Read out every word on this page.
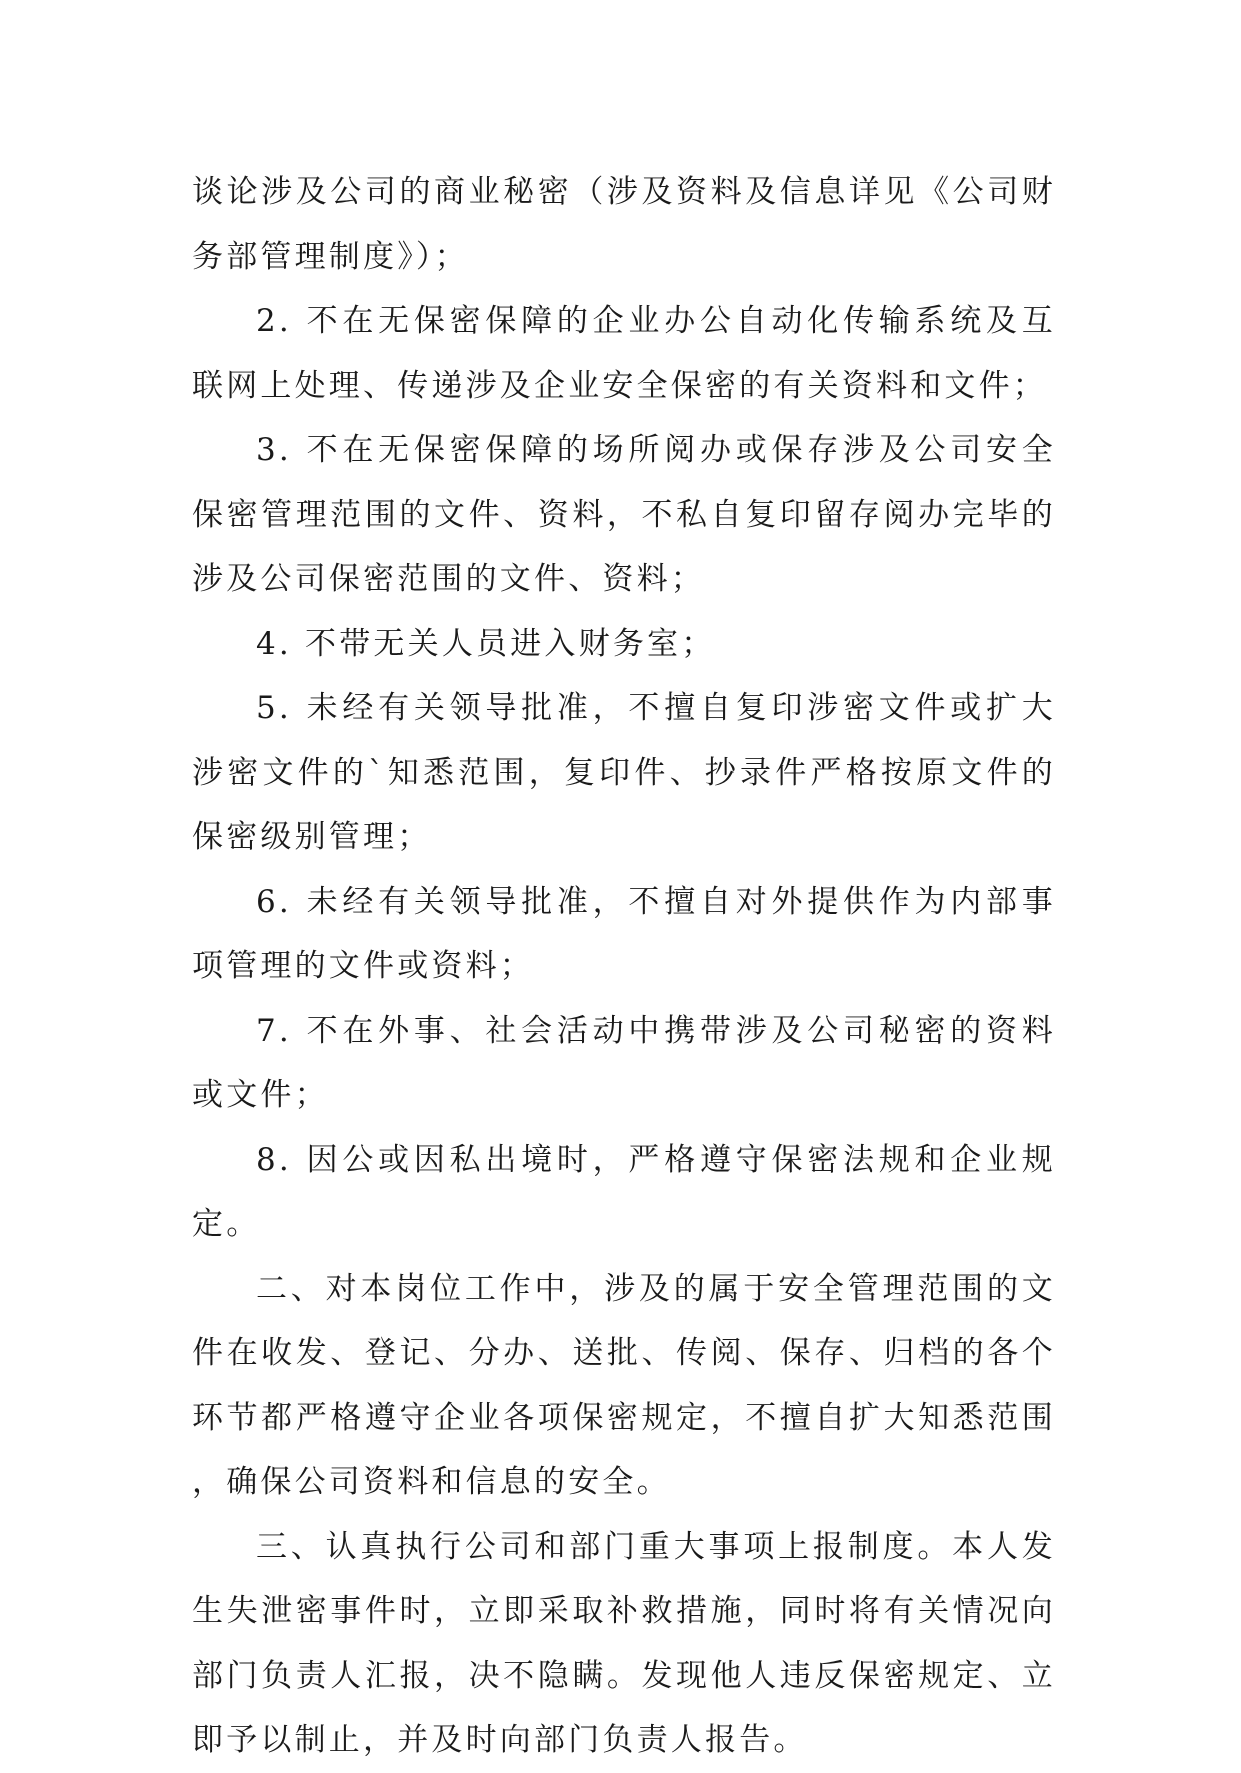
谈论涉及公司的商业秘密（涉及资料及信息详见《公司财务部管理制度》）；

2. 不在无保密保障的企业办公自动化传输系统及互联网上处理、传递涉及企业安全保密的有关资料和文件；

3. 不在无保密保障的场所阅办或保存涉及公司安全保密管理范围的文件、资料，不私自复印留存阅办完毕的涉及公司保密范围的文件、资料；

4. 不带无关人员进入财务室；

5. 未经有关领导批准，不擅自复印涉密文件或扩大涉密文件的`知悉范围，复印件、抄录件严格按原文件的保密级别管理；

6. 未经有关领导批准，不擅自对外提供作为内部事项管理的文件或资料；

7. 不在外事、社会活动中携带涉及公司秘密的资料或文件；

8. 因公或因私出境时，严格遵守保密法规和企业规定。

二、对本岗位工作中，涉及的属于安全管理范围的文件在收发、登记、分办、送批、传阅、保存、归档的各个环节都严格遵守企业各项保密规定，不擅自扩大知悉范围，确保公司资料和信息的安全。

三、认真执行公司和部门重大事项上报制度。本人发生失泄密事件时，立即采取补救措施，同时将有关情况向部门负责人汇报，决不隐瞒。发现他人违反保密规定、立即予以制止，并及时向部门负责人报告。
